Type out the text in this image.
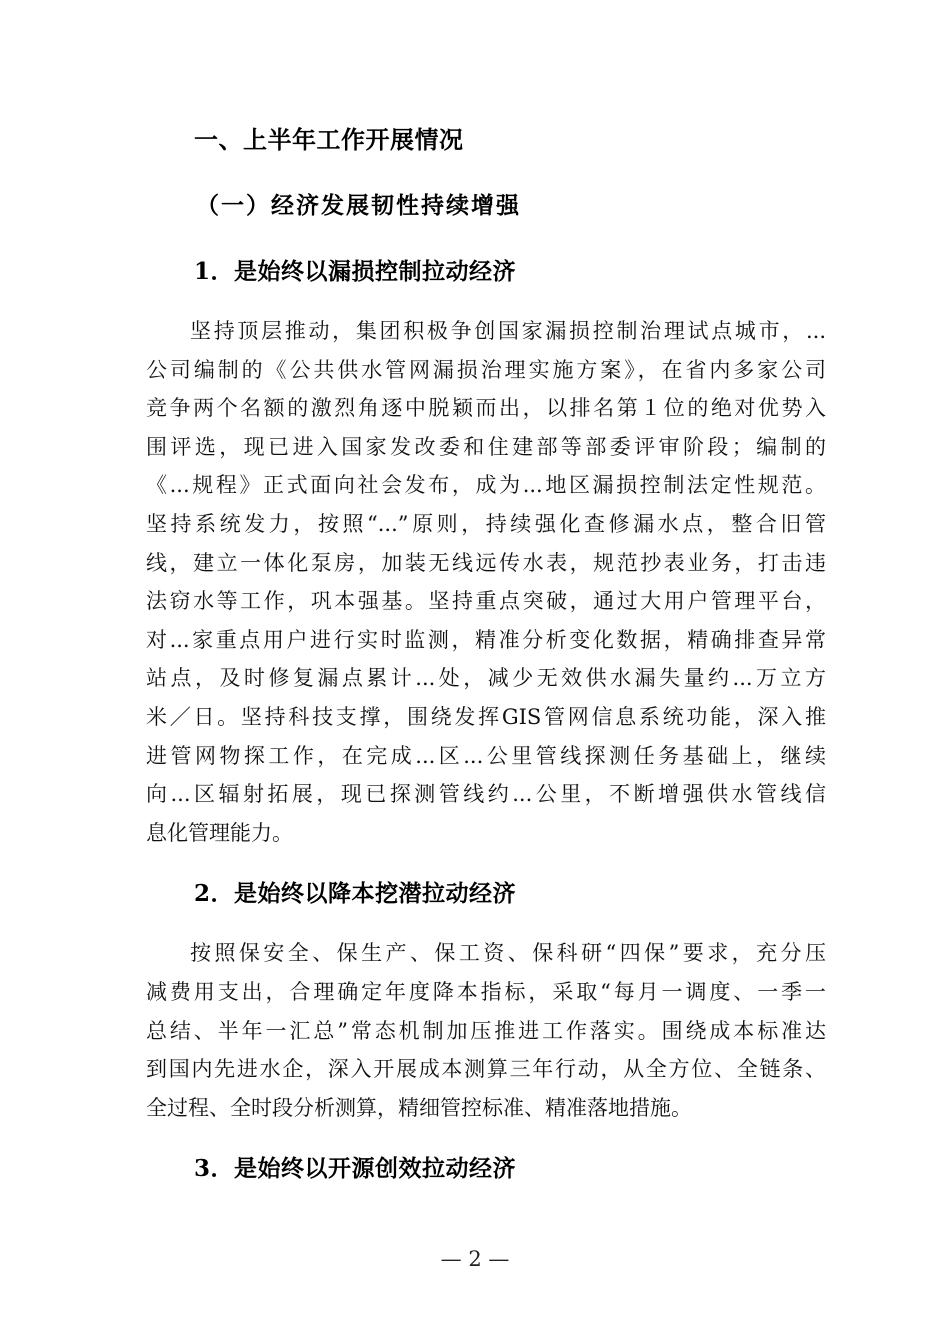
一、上半年工作开展情况
（一）经济发展韧性持续增强
1．是始终以漏损控制拉动经济
坚持顶层推动，集团积极争创国家漏损控制治理试点城市，...
公司编制的《公共供水管网漏损治理实施方案》，在省内多家公司
竞争两个名额的激烈角逐中脱颖而出，以排名第１位的绝对优势入
围评选，现已进入国家发改委和住建部等部委评审阶段；编制的
《...规程》正式面向社会发布，成为...地区漏损控制法定性规范。
坚持系统发力，按照“...”原则，持续强化查修漏水点，整合旧管
线，建立一体化泵房，加装无线远传水表，规范抄表业务，打击违
法窃水等工作，巩本强基。坚持重点突破，通过大用户管理平台，
对...家重点用户进行实时监测，精准分析变化数据，精确排查异常
站点，及时修复漏点累计...处，减少无效供水漏失量约...万立方
米／日。坚持科技支撑，围绕发挥GIS管网信息系统功能，深入推
进管网物探工作，在完成...区...公里管线探测任务基础上，继续
向...区辐射拓展，现已探测管线约...公里，不断增强供水管线信
息化管理能力。
2．是始终以降本挖潜拉动经济
按照保安全、保生产、保工资、保科研“四保”要求，充分压
减费用支出，合理确定年度降本指标，采取“每月一调度、一季一
总结、半年一汇总”常态机制加压推进工作落实。围绕成本标准达
到国内先进水企，深入开展成本测算三年行动，从全方位、全链条、
全过程、全时段分析测算，精细管控标准、精准落地措施。
3．是始终以开源创效拉动经济
— 2 —
